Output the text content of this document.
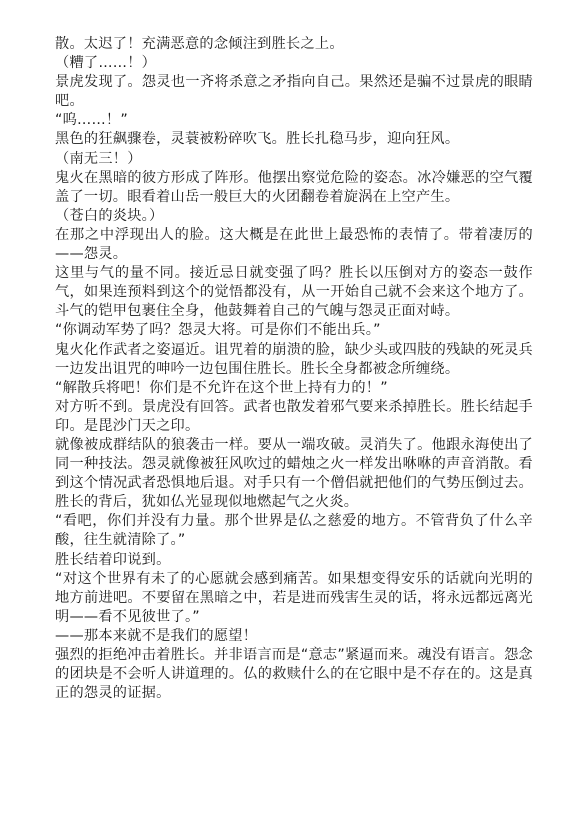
散。太迟了！充满恶意的念倾注到胜长之上。

（糟了……！）

景虎发现了。怨灵也一齐将杀意之矛指向自己。果然还是骗不过景虎的眼睛吧。

“呜……！”

黑色的狂飙骤卷，灵蓑被粉碎吹飞。胜长扎稳马步，迎向狂风。

（南无三！）

鬼火在黑暗的彼方形成了阵形。他摆出察觉危险的姿态。冰冷嫌恶的空气覆盖了一切。眼看着山岳一般巨大的火团翻卷着旋涡在上空产生。

（苍白的炎块。）

在那之中浮现出人的脸。这大概是在此世上最恐怖的表情了。带着凄厉的——怨灵。

这里与气的量不同。接近忌日就变强了吗？胜长以压倒对方的姿态一鼓作气，如果连预料到这个的觉悟都没有，从一开始自己就不会来这个地方了。斗气的铠甲包裹住全身，他鼓舞着自己的气魄与怨灵正面对峙。

“你调动军势了吗？怨灵大将。可是你们不能出兵。”

鬼火化作武者之姿逼近。诅咒着的崩溃的脸，缺少头或四肢的残缺的死灵兵一边发出诅咒的呻吟一边包围住胜长。胜长全身都被念所缠绕。

“解散兵将吧！你们是不允许在这个世上持有力的！”

对方听不到。景虎没有回答。武者也散发着邪气要来杀掉胜长。胜长结起手印。是毘沙门天之印。

就像被成群结队的狼袭击一样。要从一端攻破。灵消失了。他跟永海使出了同一种技法。怨灵就像被狂风吹过的蜡烛之火一样发出咻咻的声音消散。看到这个情况武者恐惧地后退。对手只有一个僧侣就把他们的气势压倒过去。胜长的背后，犹如仏光显现似地燃起气之火炎。

“看吧，你们并没有力量。那个世界是仏之慈爱的地方。不管背负了什么辛酸，往生就清除了。”

胜长结着印说到。

“对这个世界有未了的心愿就会感到痛苦。如果想变得安乐的话就向光明的地方前进吧。不要留在黑暗之中，若是进而残害生灵的话，将永远都远离光明——看不见彼世了。”

——那本来就不是我们的愿望！

强烈的拒绝冲击着胜长。并非语言而是“意志”紧逼而来。魂没有语言。怨念的团块是不会听人讲道理的。仏的救赎什么的在它眼中是不存在的。这是真正的怨灵的证据。
